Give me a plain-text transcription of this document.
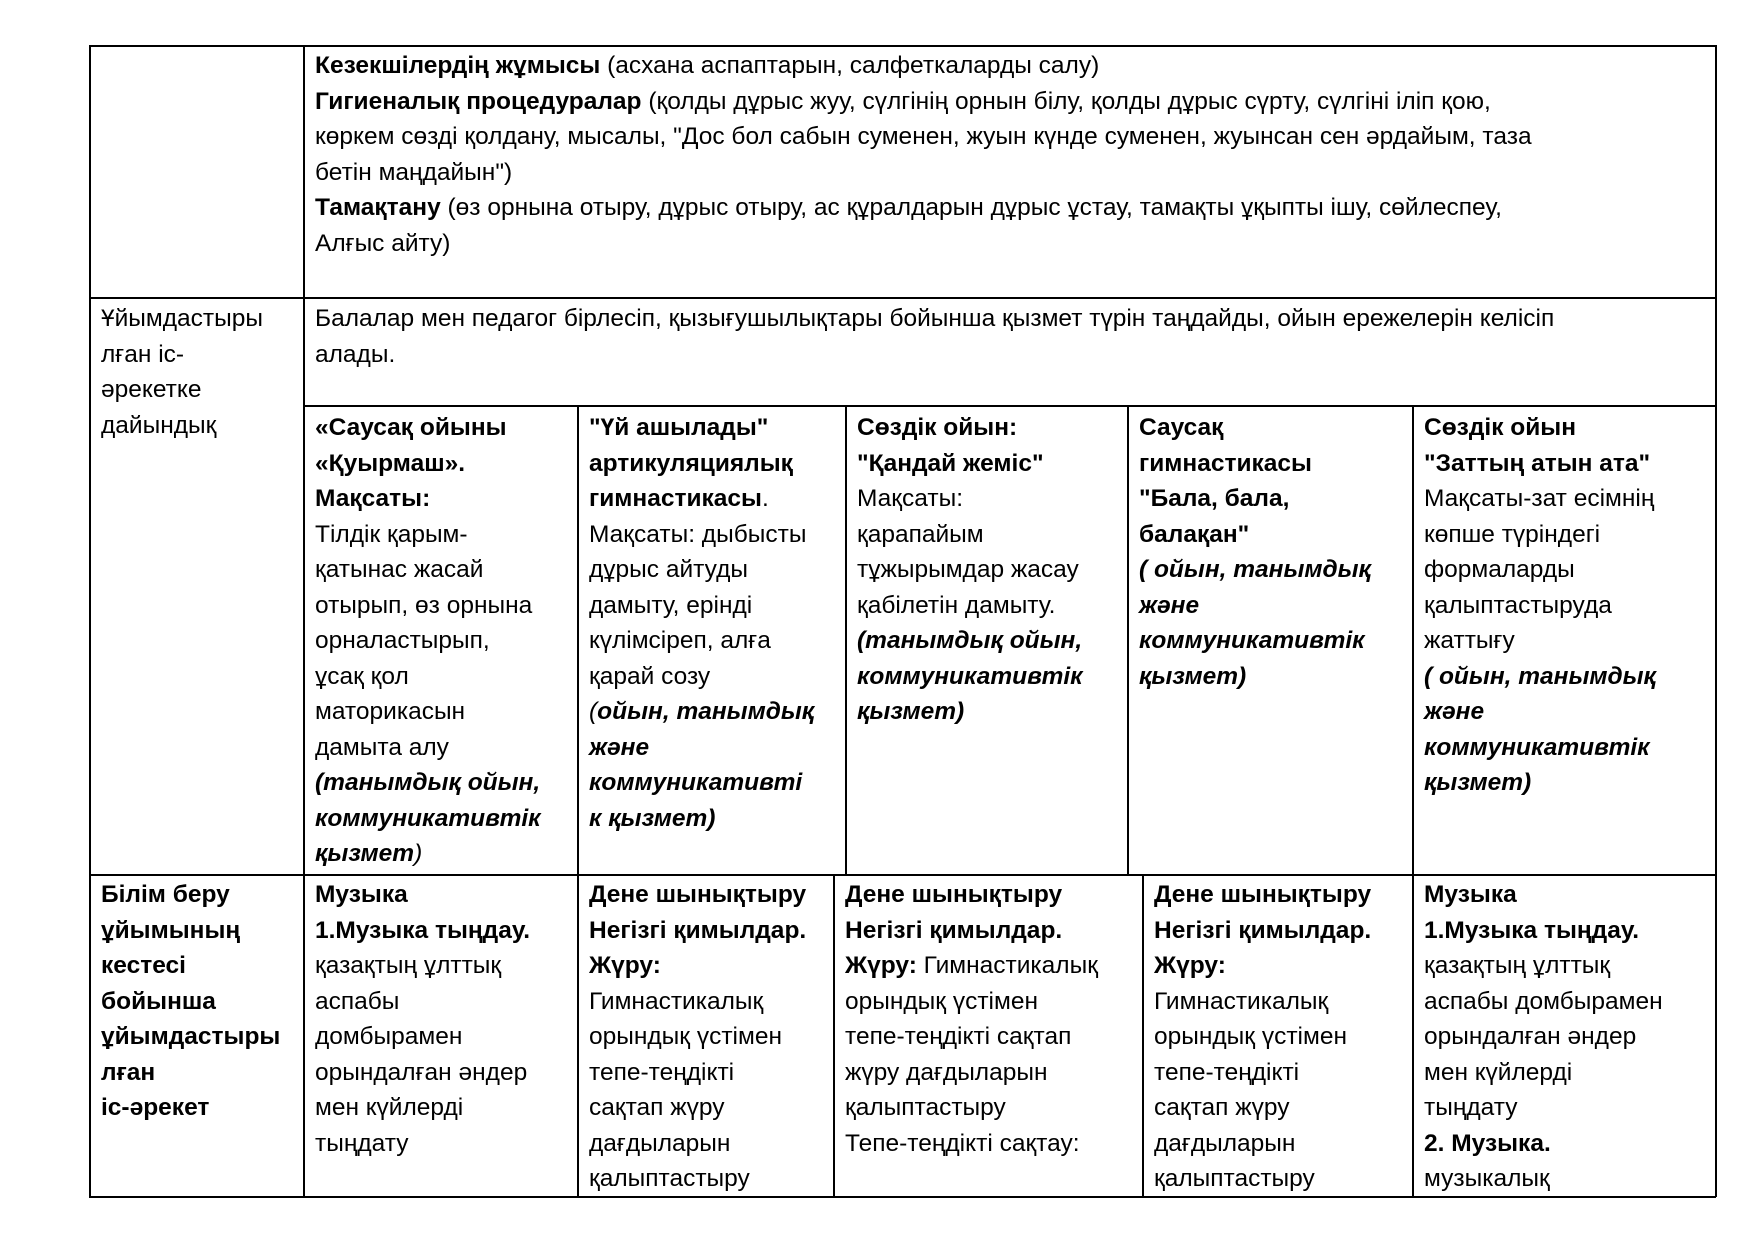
Кезекшілердің жұмысы (асхана аспаптарын, салфеткаларды салу)
Гигиеналық процедуралар (қолды дұрыс жуу, сүлгінің орнын білу, қолды дұрыс сүрту, сүлгіні іліп қою,
көркем сөзді қолдану, мысалы, "Дос бол сабын суменен, жуын күнде суменен, жуынсан сен әрдайым, таза
бетін маңдайын")
Тамақтану (өз орнына отыру, дұрыс отыру, ас құралдарын дұрыс ұстау, тамақты ұқыпты ішу, сөйлеспеу,
Алғыс айту)
Ұйымдастыры
лған іс-
әрекетке
дайындық
Балалар мен педагог бірлесіп, қызығушылықтары бойынша қызмет түрін таңдайды, ойын ережелерін келісіп
алады.
«Саусақ ойыны
«Қуырмаш».
Мақсаты:
Тілдік қарым-
қатынас жасай
отырып, өз орнына
орналастырып,
ұсақ қол
маторикасын
дамыта алу
(танымдық ойын,
коммуникативтік
қызмет)
"Үй ашылады"
артикуляциялық
гимнастикасы.
Мақсаты: дыбысты
дұрыс айтуды
дамыту, ерінді
күлімсіреп, алға
қарай созу
(ойын, танымдық
және
коммуникативті
к қызмет)
Сөздік ойын:
"Қандай жеміс"
Мақсаты:
қарапайым
тұжырымдар жасау
қабілетін дамыту.
(танымдық ойын,
коммуникативтік
қызмет)
Саусақ
гимнастикасы
"Бала, бала,
балақан"
( ойын, танымдық
және
коммуникативтік
қызмет)
Сөздік ойын
"Заттың атын ата"
Мақсаты-зат есімнің
көпше түріндегі
формаларды
қалыптастыруда
жаттығу
( ойын, танымдық
және
коммуникативтік
қызмет)
Білім беру
ұйымының
кестесі
бойынша
ұйымдастыры
лған
іс-әрекет
Музыка
1.Музыка тыңдау.
қазақтың ұлттық
аспабы
домбырамен
орындалған әндер
мен күйлерді
тыңдату
Дене шынықтыру
Негізгі қимылдар.
Жүру:
Гимнастикалық
орындық үстімен
тепе-теңдікті
сақтап жүру
дағдыларын
қалыптастыру
Дене шынықтыру
Негізгі қимылдар.
Жүру: Гимнастикалық
орындық үстімен
тепе-теңдікті сақтап
жүру дағдыларын
қалыптастыру
Тепе-теңдікті сақтау:
Дене шынықтыру
Негізгі қимылдар.
Жүру:
Гимнастикалық
орындық үстімен
тепе-теңдікті
сақтап жүру
дағдыларын
қалыптастыру
Музыка
1.Музыка тыңдау.
қазақтың ұлттық
аспабы домбырамен
орындалған әндер
мен күйлерді
тыңдату
2. Музыка.
музыкалық
